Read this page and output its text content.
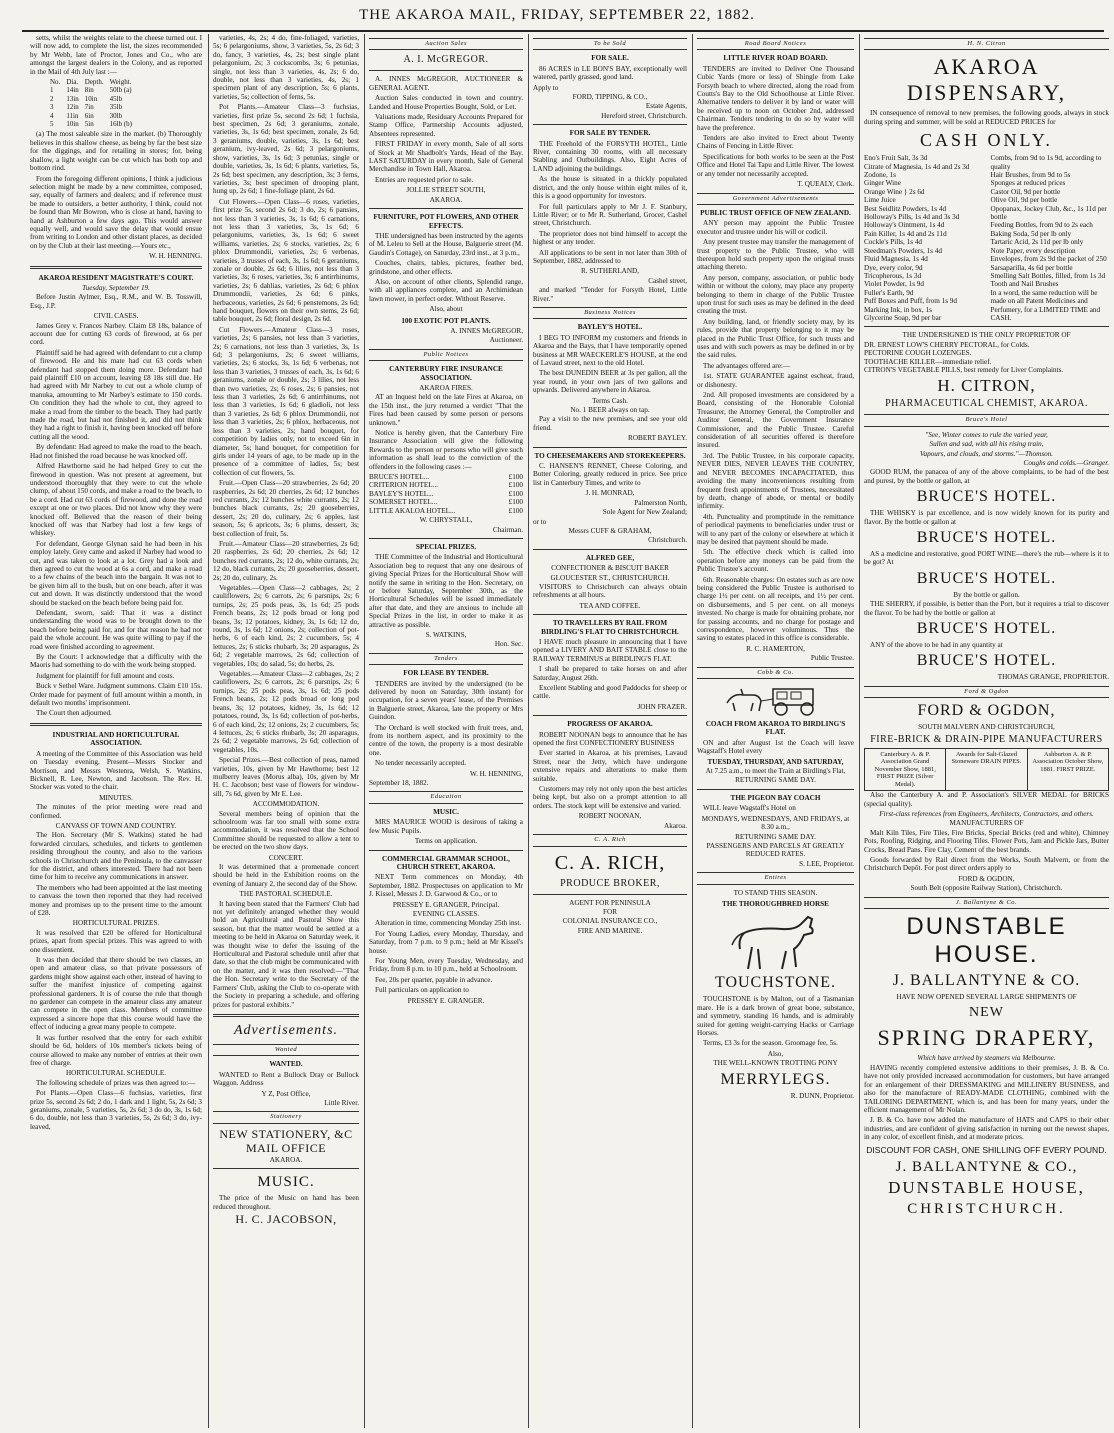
THE AKAROA MAIL, FRIDAY, SEPTEMBER 22, 1882.

setts, whilst the weights relate to the cheese turned out. I will now add, to complete the list, the sizes recommended by Mr Webb, late of Proctor, Jones and Co., who are amongst the largest dealers in the Colony, and as reported in the Mail of 4th July last :—

No.	Dia.	Depth.	Weight.
1	14in	8in	50lb (a)
2	13in	10in	45lb
3	12in	7in	35lb
4	11in	6in	30lb
5	10in	5in	16lb (b)

(a) The most saleable size in the market. (b) Thoroughly believes in this shallow cheese, as being by far the best size for the diggings, and for retailing in stores; for, being shallow, a light weight can be cut which has both top and bottom rind.

From the foregoing different opinions, I think a judicious selection might be made by a new committee, composed, say, equally of farmers and dealers; and if reference must be made to outsiders, a better authority, I think, could not be found than Mr Bowron, who is close at hand, having to hand at Ashburton a few days ago. This would answer equally well, and would save the delay that would ensue from writing to London and other distant places, as decided on by the Club at their last meeting.—Yours etc.,

W. H. HENNING.
AKAROA RESIDENT MAGISTRATE'S COURT.
Tuesday, September 19.

Before Justin Aylmer, Esq., R.M., and W. B. Tosswill, Esq., J.P.

CIVIL CASES.

James Grey v. Frances Narbey. Claim £8 18s, balance of account due for cutting 63 cords of firewood, at 6s per cord.

Plaintiff said he had agreed with defendant to cut a clump of firewood. He and his mate had cut 63 cords when defendant had stopped them doing more. Defendant had paid plaintiff £10 on account, leaving £8 18s still due. He had agreed with Mr Narbey to cut out a whole clump of manuka, amounting to Mr Narbey's estimate to 150 cords. On condition they had the whole to cut, they agreed to make a road from the timber to the beach. They had partly made the road, but had not finished it, and did not think they had a right to finish it, having been knocked off before cutting all the wood.

By defendant: Had agreed to make the road to the beach. Had not finished the road because he was knocked off.

Alfred Hawthorne said he had helped Grey to cut the firewood in question. Was not present at agreement, but understood thoroughly that they were to cut the whole clump, of about 150 cords, and make a road to the beach, to be a cord. Had cut 63 cords of firewood, and done the road except at one or two places. Did not know why they were knocked off. Believed that the reason of their being knocked off was that Narbey had lost a few kegs of whiskey.

For defendant, George Glynan said he had been in his employ lately. Grey came and asked if Narbey had wood to cut, and was taken to look at a lot. Grey had a look and then agreed to cut the wood at 6s a cord, and make a road to a few chains of the beach into the bargain. It was not to be given him all to the bush, but on one beach, after it was cut and down. It was distinctly understood that the wood should be stacked on the beach before being paid for.

Defendant, sworn, said: That it was a distinct understanding the wood was to be brought down to the beach before being paid for, and for that reason he had not paid the whole account. He was quite willing to pay if the road were finished according to agreement.

By the Court: I acknowledge that a difficulty with the Maoris had something to do with the work being stopped.

Judgment for plaintiff for full amount and costs.

Buck v Sethel Ware. Judgment summons. Claim £10 15s. Order made for payment of full amount within a month, in default two months' imprisonment.

The Court then adjourned.

INDUSTRIAL AND HORTICULTURAL ASSOCIATION.

A meeting of the Committee of this Association was held on Tuesday evening, Present—Messrs Stocker and Morrison, and Messrs Westenra, Welsh, S. Watkins, Bicknell, R. Lee, Newton, and Jacobson. The Rev. H. Stocker was voted to the chair.

MINUTES.

The minutes of the prior meeting were read and confirmed.

CANVASS OF TOWN AND COUNTRY.

The Hon. Secretary (Mr S. Watkins) stated he had forwarded circulars, schedules, and tickets to gentlemen residing throughout the county, and also to the various schools in Christchurch and the Peninsula, to the canvasser for the district, and others interested. There had not been time for him to receive any communications in answer.

The members who had been appointed at the last meeting to canvass the town then reported that they had received money and promises up to the present time to the amount of £28.

HORTICULTURAL PRIZES.

It was resolved that £20 be offered for Horticultural prizes, apart from special prizes. This was agreed to with one dissentient.

It was then decided that there should be two classes, an open and amateur class, so that private possessors of gardens might show against each other, instead of having to suffer the manifest injustice of competing against professional gardeners. It is of course the rule that though no gardener can compete in the amateur class any amateur can compete in the open class. Members of committee expressed a sincere hope that this course would have the effect of inducing a great many people to compete.

It was further resolved that the entry for each exhibit should be 6d, holders of 10s member's tickets being of course allowed to make any number of entries at their own free of charge.

HORTICULTURAL SCHEDULE.

The following schedule of prizes was then agreed to:—

Pot Plants.—Open Class—6 fuchsias, varieties, first prize 5s, second 2s 6d; 2 do, 1 dark and 1 light, 5s, 2s 6d; 3 geraniums, zonale, 5 varieties, 5s, 2s 6d; 3 do do, 3s, 1s 6d; 6 do, double, not less than 3 varieties, 5s, 2s 6d; 3 do, ivy-leaved,

varieties, 4s, 2s; 4 do, fine-foliaged, varieties, 5s; 6 pelargoniums, show, 3 varieties, 5s, 2s 6d; 3 do, fancy, 3 varieties, 4s, 2s; best single plant pelargonium, 2s; 3 cockscombs, 3s; 6 petunias, single, not less than 3 varieties, 4s, 2s; 6 do, double, not less than 3 varieties, 4s, 2s; 1 specimen plant of any description, 5s; 6 plants, varieties, 5s; collection of ferns, 5s.

Pot Plants.—Amateur Class—3 fuchsias, varieties, first prize 5s, second 2s 6d; 1 fuchsia, best specimen, 2s 6d; 3 geraniums, zonale, varieties, 3s, 1s 6d; best specimen, zonale, 2s 6d; 3 geraniums, double, varieties, 3s, 1s 6d; best geranium, ivy-leaved, 2s 6d; 3 pelargoniums, show, varieties, 3s, 1s 6d; 3 petunias, single or double, varieties, 3s, 1s 6d; 6 plants, varieties, 5s, 2s 6d; best specimen, any description, 3s; 3 ferns, varieties, 3s; best specimen of drooping plant, hung up, 2s 6d; 1 fine-foliage plant, 2s 6d.

Cut Flowers.—Open Class—6 roses, varieties, first prize 5s, second 2s 6d; 3 do, 2s; 6 pansies, not less than 3 varieties, 3s, 1s 6d; 6 carnations, not less than 3 varieties, 3s, 1s 6d; 6 pelargoniums, varieties, 3s, 1s 6d; 6 sweet williams, varieties, 2s; 6 stocks, varieties, 2s; 6 phlox Drummondii, varieties, 2s; 6 verbenas, varieties, 3 trusses of each, 3s, 1s 6d; 6 geraniums, zonale or double, 2s 6d; 6 lilies, not less than 3 varieties, 3s; 6 roses, varieties, 3s; 6 antirrhinums, varieties, 2s; 6 dahlias, varieties, 2s 6d; 6 phlox Drummondii, varieties, 2s 6d; 6 pinks, herbaceous, varieties, 2s 6d; 6 penstemons, 2s 6d; hand bouquet, flowers on their own stems, 2s 6d; table bouquet, 2s 6d; floral design, 2s 6d.

Cut Flowers.—Amateur Class—3 roses, varieties, 2s; 6 pansies, not less than 3 varieties, 2s; 6 carnations, not less than 3 varieties, 3s, 1s 6d; 3 pelargoniums, 2s; 6 sweet williams, varieties, 2s; 6 stocks, 3s, 1s 6d; 6 verbenas, not less than 3 varieties, 3 trusses of each, 3s, 1s 6d; 6 geraniums, zonale or double, 2s; 3 lilies, not less than two varieties, 2s; 6 roses, 2s; 6 pansies, not less than 3 varieties, 2s 6d; 6 antirrhinums, not less than 3 varieties, 1s 6d; 6 gladioli, not less than 3 varieties, 2s 6d; 6 phlox Drummondii, not less than 3 varieties, 2s; 6 phlox, herbaceous, not less than 3 varieties, 2s; hand bouquet, for competition by ladies only, not to exceed 6in in diameter, 5s; hand bouquet, for competition for girls under 14 years of age, to be made up in the presence of a committee of ladies, 5s; best collection of cut flowers, 5s.

Fruit.—Open Class—20 strawberries, 2s 6d; 20 raspberries, 2s 6d; 20 cherries, 2s 6d; 12 bunches red currants, 2s; 12 bunches white currants, 2s; 12 bunches black currants, 2s; 20 gooseberries, dessert, 2s; 20 do, culinary, 2s; 6 apples, last season, 5s; 6 apricots, 3s; 6 plums, dessert, 3s; best collection of fruit, 5s.

Fruit.—Amateur Class—20 strawberries, 2s 6d; 20 raspberries, 2s 6d; 20 cherries, 2s 6d; 12 bunches red currants, 2s; 12 do, white currants, 2s; 12 do, black currants, 2s; 20 gooseberries, dessert, 2s; 20 do, culinary, 2s.

Vegetables.—Open Class—2 cabbages, 2s; 2 cauliflowers, 2s; 6 carrots, 2s; 6 parsnips, 2s; 6 turnips, 2s; 25 pods peas, 3s, 1s 6d; 25 pods French beans, 2s; 12 pods broad or long pod beans, 3s; 12 potatoes, kidney, 3s, 1s 6d; 12 do, round, 3s, 1s 6d; 12 onions, 2s; collection of pot-herbs, 6 of each kind, 2s; 2 cucumbers, 5s; 4 lettuces, 2s; 6 sticks rhubarb, 3s; 20 asparagus, 2s 6d; 2 vegetable marrows, 2s 6d; collection of vegetables, 10s; do salad, 5s; do herbs, 2s.

Vegetables.—Amateur Class—2 cabbages, 2s; 2 cauliflowers, 2s; 6 carrots, 2s; 6 parsnips, 2s; 6 turnips, 2s; 25 pods peas, 3s, 1s 6d; 25 pods French beans, 2s; 12 pods broad or long pod beans, 3s; 12 potatoes, kidney, 3s, 1s 6d; 12 potatoes, round, 3s, 1s 6d; collection of pot-herbs, 6 of each kind, 2s; 12 onions, 2s; 2 cucumbers, 5s; 4 lettuces, 2s; 6 sticks rhubarb, 3s; 20 asparagus, 2s 6d; 2 vegetable marrows, 2s 6d; collection of vegetables, 10s.

Special Prizes.—Best collection of peas, named varieties, 10s, given by Mr Hawthorne; best 12 mulberry leaves (Morus alba), 10s, given by Mr H. C. Jacobson; best vase of flowers for window-sill, 7s 6d, given by Mr E. Lee.

ACCOMMODATION.

Several members being of opinion that the schoolroom was far too small with some extra accommodation, it was resolved that the School Committee should be requested to allow a tent to be erected on the two show days.

CONCERT.

It was determined that a promenade concert should be held in the Exhibition rooms on the evening of January 2, the second day of the Show.

THE PASTORAL SCHEDULE.

It having been stated that the Farmers' Club had not yet definitely arranged whether they would hold an Agricultural and Pastoral Show this season, but that the matter would be settled at a meeting to be held in Akaroa on Saturday week, it was thought wise to defer the issuing of the Horticultural and Pastoral schedule until after that date, so that the club might be communicated with on the matter, and it was then resolved:—"That the Hon. Secretary write to the Secretary of the Farmers' Club, asking the Club to co-operate with the Society in preparing a schedule, and offering prizes for pastoral exhibits."

Advertisements.
Wanted
WANTED.

WANTED to Rent a Bullock Dray or Bullock Waggon. Address

Y Z, Post Office,
Little River.
Stationery
NEW STATIONERY, &C
MAIL OFFICE
AKAROA.
MUSIC.

The price of the Music on hand has been reduced throughout.

H. C. JACOBSON,
Auction Sales
A. I. McGREGOR.

A. INNES McGREGOR, AUCTIONEER & GENERAL AGENT.

Auction Sales conducted in town and country. Landed and House Properties Bought, Sold, or Let.

Valuations made, Residuary Accounts Prepared for Stamp Office, Partnership Accounts adjusted, Absentees represented.

FIRST FRIDAY in every month, Sale of all sorts of Stock at Mr Shadbolt's Yards, Head of the Bay. LAST SATURDAY in every month, Sale of General Merchandise in Town Hall, Akaroa.

Entries are requested prior to sale.

JOLLIE STREET SOUTH,
AKAROA.
FURNITURE, POT FLOWERS, AND OTHER EFFECTS.

THE undersigned has been instructed by the agents of M. Leleu to Sell at the House, Balguerie street (M. Gaudin's Cottage), on Saturday, 23rd inst., at 3 p.m.,

Couches, chairs, tables, pictures, feather bed, grindstone, and other effects.

Also, on account of other clients, Splendid range, with all appliances complete, and an Archimidean lawn mower, in perfect order. Without Reserve.

Also, about
100 EXOTIC POT PLANTS.
A. INNES McGREGOR,
Auctioneer.
Public Notices
CANTERBURY FIRE INSURANCE ASSOCIATION.
AKAROA FIRES.

AT an Inquest held on the late Fires at Akaroa, on the 15th inst., the jury returned a verdict "That the Fires had been caused by some person or persons unknown."

Notice is hereby given, that the Canterbury Fire Insurance Association will give the following Rewards to the person or persons who will give such information as shall lead to the conviction of the offenders in the following cases :—

BRUCE'S HOTEL...	£100
CRITERION HOTEL...	£100
BAYLEY'S HOTEL...	£100
SOMERSET HOTEL...	£100
LITTLE AKALOA HOTEL...	£100
W. CHRYSTALL,
Chairman.
SPECIAL PRIZES.

THE Committee of the Industrial and Horticultural Association beg to request that any one desirous of giving Special Prizes for the Horticultural Show will notify the same in writing to the Hon. Secretary, on or before Saturday, September 30th, as the Horticultural Schedules will be issued immediately after that date, and they are anxious to include all Special Prizes in the list, in order to make it as attractive as possible.

S. WATKINS,
Hon. Sec.
Tenders
FOR LEASE BY TENDER.

TENDERS are invited by the undersigned (to be delivered by noon on Saturday, 30th instant) for occupation, for a seven years' lease, of the Premises in Balguerie street, Akaroa, late the property or Mrs Guindon.

The Orchard is well stocked with fruit trees, and, from its northern aspect, and its proximity to the centre of the town, the property is a most desirable one.

No tender necessarily accepted.

W. H. HENNING,
September 18, 1882.
Education
MUSIC.

MRS MAURICE WOOD is desirous of taking a few Music Pupils.

Terms on application.
COMMERCIAL GRAMMAR SCHOOL, CHURCH STREET, AKAROA.

NEXT Term commences on Monday, 4th September, 1882. Prospectuses on application to Mr J. Kissel, Messrs J. D. Garwood & Co., or to

PRESSEY E. GRANGER, Principal.
EVENING CLASSES.

Alteration in time, commencing Monday 25th inst.

For Young Ladies, every Monday, Thursday, and Saturday, from 7 p.m. to 9 p.m.; held at Mr Kissel's house.

For Young Men, every Tuesday, Wednesday, and Friday, from 8 p.m. to 10 p.m., held at Schoolroom.

Fee, 20s per quarter, payable in advance.

Full particulars on application to

PRESSEY E. GRANGER.
To be Sold
FOR SALE.

86 ACRES in LE BON'S BAY, exceptionally well watered, partly grassed, good land.

Apply to
FORD, TIPPING, & CO.,
Estate Agents,
Hereford street, Christchurch.
FOR SALE BY TENDER.

THE Freehold of the FORSYTH HOTEL, Little River, containing 30 rooms, with all necessary Stabling and Outbuildings. Also, Eight Acres of LAND adjoining the buildings.

As the house is situated in a thickly populated district, and the only house within eight miles of it, this is a good opportunity for investors.

For full particulars apply to Mr J. F. Stanbury, Little River; or to Mr R. Sutherland, Grocer, Cashel street, Christchurch.

The proprietor does not bind himself to accept the highest or any tender.

All applications to be sent in not later than 30th of September, 1882, addressed to

R. SUTHERLAND,
Cashel street,

and marked "Tender for Forsyth Hotel, Little River."

Business Notices
BAYLEY'S HOTEL.

I BEG TO INFORM my customers and friends in Akaroa and the Bays, that I have temporarily opened business at MR WAECKERLE'S HOUSE, at the end of Lavaud street, next to the old Hotel.

The best DUNEDIN BEER at 3s per gallon, all the year round, in your own jars of two gallons and upwards. Delivered anywhere in Akaroa.

Terms Cash.
No. 1 BEER always on tap.

Pay a visit to the new premises, and see your old friend.

ROBERT BAYLEY.
TO CHEESEMAKERS AND STOREKEEPERS.

C. HANSEN'S RENNET, Cheese Coloring, and Butter Coloring, greatly reduced in price. See price list in Canterbury Times, and write to

J. H. MONRAD,
Palmerston North,
Sole Agent for New Zealand;
or to
Messrs CUFF & GRAHAM,
Christchurch.
ALFRED GEE,
CONFECTIONER & BISCUIT BAKER
GLOUCESTER ST., CHRISTCHURCH.

VISITORS to Christchurch can always obtain refreshments at all hours.

TEA AND COFFEE.
TO TRAVELLERS BY RAIL FROM BIRDLING'S FLAT TO CHRISTCHURCH.

I HAVE much pleasure in announcing that I have opened a LIVERY AND BAIT STABLE close to the RAILWAY TERMINUS at BIRDLING'S FLAT.

I shall be prepared to take horses on and after Saturday, August 26th.

Excellent Stabling and good Paddocks for sheep or cattle.

JOHN FRAZER.
PROGRESS OF AKAROA.

ROBERT NOONAN begs to announce that he has opened the first CONFECTIONERY BUSINESS

Ever started in Akaroa, at his premises, Lavaud Street, near the Jetty, which have undergone extensive repairs and alterations to make them suitable.

Customers may rely not only upon the best articles being kept, but also on a prompt attention to all orders. The stock kept will be extensive and varied.

ROBERT NOONAN,
Akaroa.
C. A. Rich
C. A. RICH,
PRODUCE BROKER,
AGENT FOR PENINSULA
FOR
COLONIAL INSURANCE CO.,
FIRE AND MARINE.
Road Board Notices
LITTLE RIVER ROAD BOARD.

TENDERS are invited to Deliver One Thousand Cubic Yards (more or less) of Shingle from Lake Forsyth beach to where directed, along the road from Coutts's Bay to the Old Schoolhouse at Little River. Alternative tenders to deliver it by land or water will be received up to noon on October 2nd, addressed Chairman. Tenders tendering to do so by water will have the preference.

Tenders are also invited to Erect about Twenty Chains of Fencing in Little River.

Specifications for both works to be seen at the Post Office and Hotel Tai Tapu and Little River. The lowest or any tender not necessarily accepted.

T. QUEALY, Clerk.
Government Advertisements
PUBLIC TRUST OFFICE OF NEW ZEALAND.

ANY person may appoint the Public Trustee executor and trustee under his will or codicil.

Any present trustee may transfer the management of trust property to the Public Trustee, who will thereupon hold such property upon the original trusts attaching thereto.

Any person, company, association, or public body within or without the colony, may place any property belonging to them in charge of the Public Trustee upon trust for such uses as may be defined in the deed creating the trust.

Any building, land, or friendly society may, by its rules, provide that property belonging to it may be placed in the Public Trust Office, for such trusts and uses and with such powers as may be defined in or by the said rules.

The advantages offered are:—

1st. STATE GUARANTEE against escheat, fraud, or dishonesty.

2nd. All proposed investments are considered by a Board, consisting of the Honorable Colonial Treasurer, the Attorney General, the Comptroller and Auditor General, the Government Insurance Commissioner, and the Public Trustee. Careful consideration of all securities offered is therefore insured.

3rd. The Public Trustee, in his corporate capacity, NEVER DIES, NEVER LEAVES THE COUNTRY, and NEVER BECOMES INCAPACITATED, thus avoiding the many inconveniences resulting from frequent fresh appointments of Trustees, necessitated by death, change of abode, or mental or bodily infirmity.

4th. Punctuality and promptitude in the remittance of periodical payments to beneficiaries under trust or will to any part of the colony or elsewhere at which it may be desired that payment should be made.

5th. The effective check which is called into operation before any moneys can be paid from the Public Trustee's account.

6th. Reasonable charges: On estates such as are now being considered the Public Trustee is authorised to charge 1½ per cent. on all receipts, and 1½ per cent. on disbursements, and 5 per cent. on all moneys invested. No charge is made for obtaining probate, nor for passing accounts, and no charge for postage and correspondence, however voluminous. Thus the saving to estates placed in this office is considerable.

R. C. HAMERTON,
Public Trustee.
Cobb & Co.
COACH FROM AKAROA TO BIRDLING'S FLAT.

ON and after August 1st the Coach will leave Wagstaff's Hotel every

TUESDAY, THURSDAY, AND SATURDAY,
At 7.25 a.m., to meet the Train at Birdling's Flat,
RETURNING SAME DAY.
THE PIGEON BAY COACH

WILL leave Wagstaff's Hotel on

MONDAYS, WEDNESDAYS, AND FRIDAYS, at 8.30 a.m.,
RETURNING SAME DAY.
PASSENGERS AND PARCELS AT GREATLY REDUCED RATES.
S. LEE, Proprietor.
Entires
TO STAND THIS SEASON.
THE THOROUGHBRED HORSE
TOUCHSTONE.

TOUCHSTONE is by Malton, out of a Tasmanian mare. He is a dark brown of great bone, substance, and symmetry, standing 16 hands, and is admirably suited for getting weight-carrying Hacks or Carriage Horses.

Terms, £3 3s for the season. Groomage fee, 5s.

Also,
THE WELL-KNOWN TROTTING PONY
MERRYLEGS.
R. DUNN, Proprietor.
H. N. Citron
AKAROA DISPENSARY,

IN consequence of removal to new premises, the following goods, always in stock during spring and summer, will be sold at REDUCED PRICES for

CASH ONLY.
Eno's Fruit Salt, 3s 3d
Citrate of Magnesia, 1s 4d and 2s 3d
Zodone, 1s
Ginger Wine
Orange Wine } 2s 6d
Lime Juice
Best Seidlitz Powders, 1s 4d
Holloway's Pills, 1s 4d and 3s 3d
Holloway's Ointment, 1s 4d
Pain Killer, 1s 4d and 2s 11d
Cockle's Pills, 1s 4d
Steedman's Powders, 1s 4d
Fluid Magnesia, 1s 4d
Dye, every color, 9d
Tricopherous, 1s 3d
Violet Powder, 1s 9d
Fuller's Earth, 9d
Puff Boxes and Puff, from 1s 9d
Marking Ink, in box, 1s
Glycerine Soap, 9d per bar
Combs, from 9d to 1s 9d, according to quality
Hair Brushes, from 9d to 5s
Sponges at reduced prices
Castor Oil, 9d per bottle
Olive Oil, 9d per bottle
Opopanax, Jockey Club, &c., 1s 11d per bottle
Feeding Bottles, from 9d to 2s each
Baking Soda, 5d per lb only
Tartaric Acid, 2s 11d per lb only
Note Paper, every description
Envelopes, from 2s 9d the packet of 250
Sarsaparilla, 4s 6d per bottle
Smelling Salt Bottles, filled, from 1s 3d
Tooth and Nail Brushes
In a word, the same reduction will be made on all Patent Medicines and Perfumery, for a LIMITED TIME and CASH.
THE UNDERSIGNED IS THE ONLY PROPRIETOR OF
DR. ERNEST LOW'S CHERRY PECTORAL, for Colds.
PECTORINE COUGH LOZENGES.
TOOTHACHE KILLER—immediate relief.
CITRON'S VEGETABLE PILLS, best remedy for Liver Complaints.
H. CITRON,
PHARMACEUTICAL CHEMIST, AKAROA.
Bruce's Hotel
"See, Winter comes to rule the varied year,
Sullen and sad, with all his rising train,
Vapours, and clouds, and storms."—Thomson.
Coughs and colds.—Granger.

GOOD RUM, the panacea of any of the above complaints, to be had of the best and purest, by the bottle or gallon, at

BRUCE'S HOTEL.

THE WHISKY is par excellence, and is now widely known for its purity and flavor. By the bottle or gallon at

BRUCE'S HOTEL.

AS a medicine and restorative, good PORT WINE—there's the rub—where is it to be got? At

BRUCE'S HOTEL.
By the bottle or gallon.

THE SHERRY, if possible, is better than the Port, but it requires a trial to discover the flavor. To be had by the bottle or gallon at

BRUCE'S HOTEL.

ANY of the above to be had in any quantity at

BRUCE'S HOTEL.
THOMAS GRANGE, PROPRIETOR.
Ford & Ogdon
FORD & OGDON,
SOUTH MALVERN AND CHRISTCHURCH,
FIRE-BRICK & DRAIN-PIPE MANUFACTURERS
Canterbury A. & P. Association Grand November Show, 1881, FIRST PRIZE (Silver Medal).
Awards for Salt-Glazed Stoneware DRAIN PIPES.
Ashburton A. & P. Association October Show, 1881. FIRST PRIZE.

Also the Canterbury A. and P. Association's SILVER MEDAL for BRICKS (special quality).

First-class references from Engineers, Architects, Contractors, and others.
MANUFACTURERS OF

Malt Kiln Tiles, Fire Tiles, Fire Bricks, Special Bricks (red and white), Chimney Pots, Roofing, Ridging, and Flooring Tiles. Flower Pots, Jam and Pickle Jars, Butter Crocks, Bread Pans. Fire Clay, Cement of the best brands.

Goods forwarded by Rail direct from the Works, South Malvern, or from the Christchurch Depôt. For post direct orders apply to

FORD & OGDON,
South Belt (opposite Railway Station), Christchurch.
J. Ballantyne & Co.
DUNSTABLE HOUSE.
J. BALLANTYNE & CO.
HAVE NOW OPENED SEVERAL LARGE SHIPMENTS OF
NEW
SPRING DRAPERY,
Which have arrived by steamers via Melbourne.

HAVING recently completed extensive additions to their premises, J. B. & Co. have not only provided increased accommodation for customers, but have arranged for an enlargement of their DRESSMAKING and MILLINERY BUSINESS, and also for the manufacture of READY-MADE CLOTHING, combined with the TAILORING DEPARTMENT, which is, and has been for many years, under the efficient management of Mr Nolan.

J. B. & Co. have now added the manufacture of HATS and CAPS to their other industries, and are confident of giving satisfaction in turning out the newest shapes, in any color, of excellent finish, and at moderate prices.

DISCOUNT FOR CASH, ONE SHILLING OFF EVERY POUND.
J. BALLANTYNE & CO.,
DUNSTABLE HOUSE,
CHRISTCHURCH.
